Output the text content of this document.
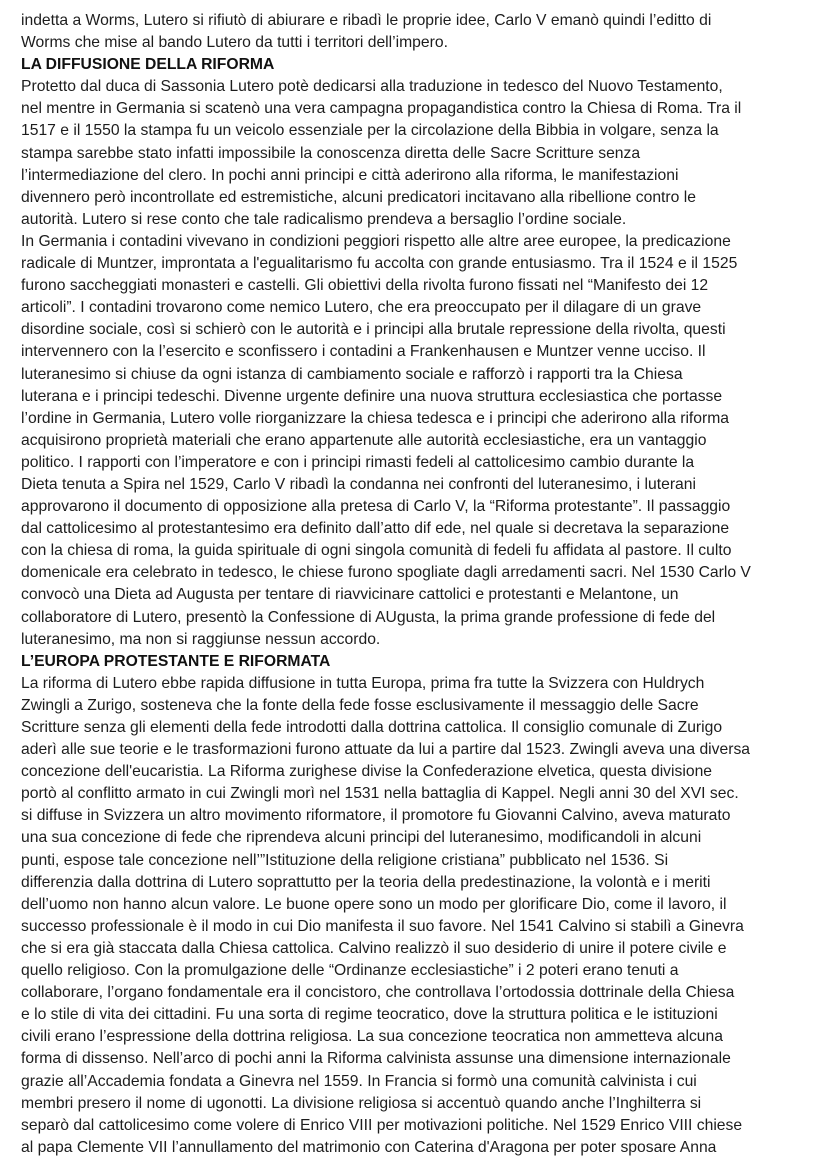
indetta a Worms, Lutero si rifiutò di abiurare e ribadì le proprie idee, Carlo V emanò quindi l’editto di
Worms che mise al bando Lutero da tutti i territori dell’impero.
LA DIFFUSIONE DELLA RIFORMA
Protetto dal duca di Sassonia Lutero potè dedicarsi alla traduzione in tedesco del Nuovo Testamento,
nel mentre in Germania si scatenò una vera campagna propagandistica contro la Chiesa di Roma. Tra il
1517 e il 1550 la stampa fu un veicolo essenziale per la circolazione della Bibbia in volgare, senza la
stampa sarebbe stato infatti impossibile la conoscenza diretta delle Sacre Scritture senza
l’intermediazione del clero. In pochi anni principi e città aderirono alla riforma, le manifestazioni
divennero però incontrollate ed estremistiche, alcuni predicatori incitavano alla ribellione contro le
autorità. Lutero si rese conto che tale radicalismo prendeva a bersaglio l’ordine sociale.
In Germania i contadini vivevano in condizioni peggiori rispetto alle altre aree europee, la predicazione
radicale di Muntzer, improntata a l'egualitarismo fu accolta con grande entusiasmo. Tra il 1524 e il 1525
furono saccheggiati monasteri e castelli. Gli obiettivi della rivolta furono fissati nel “Manifesto dei 12
articoli”. I contadini trovarono come nemico Lutero, che era preoccupato per il dilagare di un grave
disordine sociale, così si schierò con le autorità e i principi alla brutale repressione della rivolta, questi
intervennero con la l’esercito e sconfissero i contadini a Frankenhausen e Muntzer venne ucciso. Il
luteranesimo si chiuse da ogni istanza di cambiamento sociale e rafforzò i rapporti tra la Chiesa
luterana e i principi tedeschi. Divenne urgente definire una nuova struttura ecclesiastica che portasse
l’ordine in Germania, Lutero volle riorganizzare la chiesa tedesca e i principi che aderirono alla riforma
acquisirono proprietà materiali che erano appartenute alle autorità ecclesiastiche, era un vantaggio
politico. I rapporti con l’imperatore e con i principi rimasti fedeli al cattolicesimo cambio durante la
Dieta tenuta a Spira nel 1529, Carlo V ribadì la condanna nei confronti del luteranesimo, i luterani
approvarono il documento di opposizione alla pretesa di Carlo V, la “Riforma protestante”. Il passaggio
dal cattolicesimo al protestantesimo era definito dall’atto dif ede, nel quale si decretava la separazione
con la chiesa di roma, la guida spirituale di ogni singola comunità di fedeli fu affidata al pastore. Il culto
domenicale era celebrato in tedesco, le chiese furono spogliate dagli arredamenti sacri. Nel 1530 Carlo V
convocò una Dieta ad Augusta per tentare di riavvicinare cattolici e protestanti e Melantone, un
collaboratore di Lutero, presentò la Confessione di AUgusta, la prima grande professione di fede del
luteranesimo, ma non si raggiunse nessun accordo.
L’EUROPA PROTESTANTE E RIFORMATA
La riforma di Lutero ebbe rapida diffusione in tutta Europa, prima fra tutte la Svizzera con Huldrych
Zwingli a Zurigo, sosteneva che la fonte della fede fosse esclusivamente il messaggio delle Sacre
Scritture senza gli elementi della fede introdotti dalla dottrina cattolica. Il consiglio comunale di Zurigo
aderì alle sue teorie e le trasformazioni furono attuate da lui a partire dal 1523. Zwingli aveva una diversa
concezione dell'eucaristia. La Riforma zurighese divise la Confederazione elvetica, questa divisione
portò al conflitto armato in cui Zwingli morì nel 1531 nella battaglia di Kappel. Negli anni 30 del XVI sec.
si diffuse in Svizzera un altro movimento riformatore, il promotore fu Giovanni Calvino, aveva maturato
una sua concezione di fede che riprendeva alcuni principi del luteranesimo, modificandoli in alcuni
punti, espose tale concezione nell’”Istituzione della religione cristiana” pubblicato nel 1536. Si
differenzia dalla dottrina di Lutero soprattutto per la teoria della predestinazione, la volontà e i meriti
dell’uomo non hanno alcun valore. Le buone opere sono un modo per glorificare Dio, come il lavoro, il
successo professionale è il modo in cui Dio manifesta il suo favore. Nel 1541 Calvino si stabilì a Ginevra
che si era già staccata dalla Chiesa cattolica. Calvino realizzò il suo desiderio di unire il potere civile e
quello religioso. Con la promulgazione delle “Ordinanze ecclesiastiche” i 2 poteri erano tenuti a
collaborare, l’organo fondamentale era il concistoro, che controllava l’ortodossia dottrinale della Chiesa
e lo stile di vita dei cittadini. Fu una sorta di regime teocratico, dove la struttura politica e le istituzioni
civili erano l’espressione della dottrina religiosa. La sua concezione teocratica non ammetteva alcuna
forma di dissenso. Nell’arco di pochi anni la Riforma calvinista assunse una dimensione internazionale
grazie all’Accademia fondata a Ginevra nel 1559. In Francia si formò una comunità calvinista i cui
membri presero il nome di ugonotti. La divisione religiosa si accentuò quando anche l’Inghilterra si
separò dal cattolicesimo come volere di Enrico VIII per motivazioni politiche. Nel 1529 Enrico VIII chiese
al papa Clemente VII l’annullamento del matrimonio con Caterina d'Aragona per poter sposare Anna
